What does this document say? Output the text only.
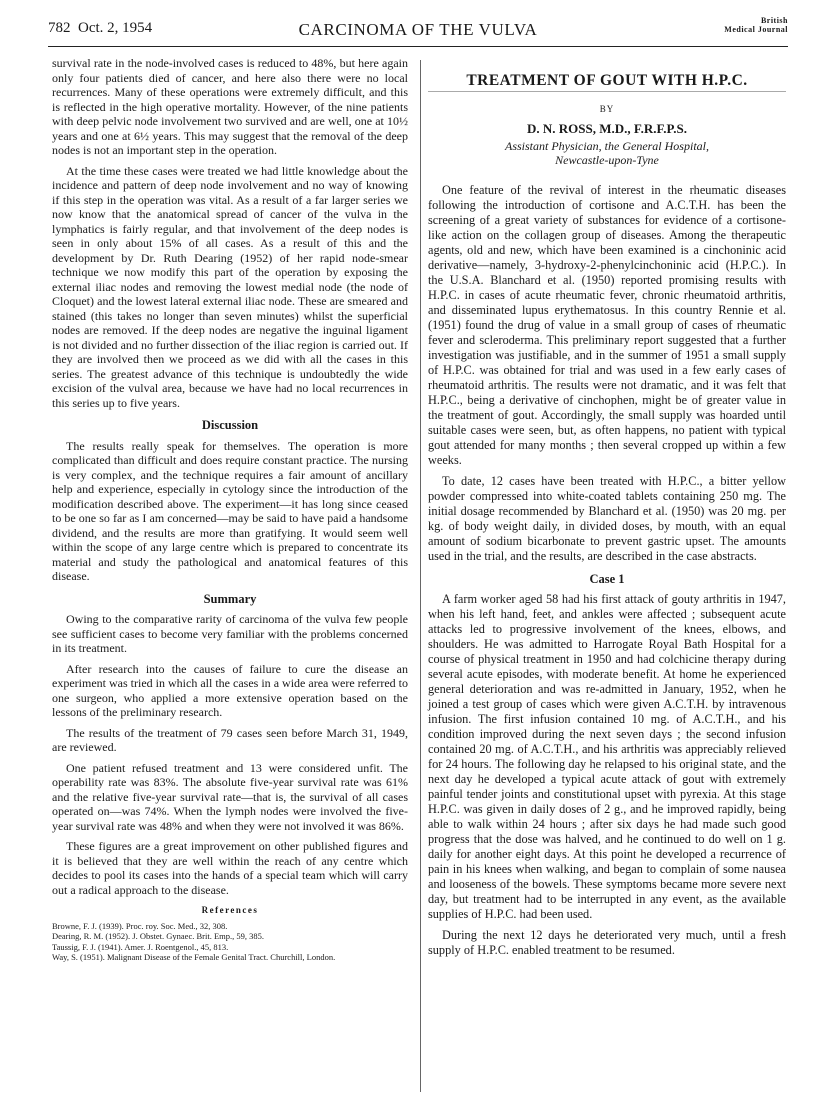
782 Oct. 2, 1954	CARCINOMA OF THE VULVA	British
Medical Journal

survival rate in the node-involved cases is reduced to 48%, but here again only four patients died of cancer, and here also there were no local recurrences. Many of these operations were extremely difficult, and this is reflected in the high operative mortality. However, of the nine patients with deep pelvic node involvement two survived and are well, one at 10½ years and one at 6½ years. This may suggest that the removal of the deep nodes is not an important step in the operation.

At the time these cases were treated we had little knowledge about the incidence and pattern of deep node involvement and no way of knowing if this step in the operation was vital. As a result of a far larger series we now know that the anatomical spread of cancer of the vulva in the lymphatics is fairly regular, and that involvement of the deep nodes is seen in only about 15% of all cases. As a result of this and the development by Dr. Ruth Dearing (1952) of her rapid node-smear technique we now modify this part of the operation by exposing the external iliac nodes and removing the lowest medial node (the node of Cloquet) and the lowest lateral external iliac node. These are smeared and stained (this takes no longer than seven minutes) whilst the superficial nodes are removed. If the deep nodes are negative the inguinal ligament is not divided and no further dissection of the iliac region is carried out. If they are involved then we proceed as we did with all the cases in this series. The greatest advance of this technique is undoubtedly the wide excision of the vulval area, because we have had no local recurrences in this series up to five years.

Discussion

The results really speak for themselves. The operation is more complicated than difficult and does require constant practice. The nursing is very complex, and the technique requires a fair amount of ancillary help and experience, especially in cytology since the introduction of the modification described above. The experiment—it has long since ceased to be one so far as I am concerned—may be said to have paid a handsome dividend, and the results are more than gratifying. It would seem well within the scope of any large centre which is prepared to concentrate its material and study the pathological and anatomical features of this disease.

Summary

Owing to the comparative rarity of carcinoma of the vulva few people see sufficient cases to become very familiar with the problems concerned in its treatment.

After research into the causes of failure to cure the disease an experiment was tried in which all the cases in a wide area were referred to one surgeon, who applied a more extensive operation based on the lessons of the preliminary research.

The results of the treatment of 79 cases seen before March 31, 1949, are reviewed.

One patient refused treatment and 13 were considered unfit. The operability rate was 83%. The absolute five-year survival rate was 61% and the relative five-year survival rate—that is, the survival of all cases operated on—was 74%. When the lymph nodes were involved the five-year survival rate was 48% and when they were not involved it was 86%.

These figures are a great improvement on other published figures and it is believed that they are well within the reach of any centre which decides to pool its cases into the hands of a special team which will carry out a radical approach to the disease.

References
Browne, F. J. (1939). Proc. roy. Soc. Med., 32, 308.
Dearing, R. M. (1952). J. Obstet. Gynaec. Brit. Emp., 59, 385.
Taussig, F. J. (1941). Amer. J. Roentgenol., 45, 813.
Way, S. (1951). Malignant Disease of the Female Genital Tract. Churchill, London.
TREATMENT OF GOUT WITH H.P.C.
BY
D. N. ROSS, M.D., F.R.F.P.S.
Assistant Physician, the General Hospital,
Newcastle-upon-Tyne

One feature of the revival of interest in the rheumatic diseases following the introduction of cortisone and A.C.T.H. has been the screening of a great variety of substances for evidence of a cortisone-like action on the collagen group of diseases. Among the therapeutic agents, old and new, which have been examined is a cinchoninic acid derivative—namely, 3-hydroxy-2-phenylcinchoninic acid (H.P.C.). In the U.S.A. Blanchard et al. (1950) reported promising results with H.P.C. in cases of acute rheumatic fever, chronic rheumatoid arthritis, and disseminated lupus erythematosus. In this country Rennie et al. (1951) found the drug of value in a small group of cases of rheumatic fever and scleroderma. This preliminary report suggested that a further investigation was justifiable, and in the summer of 1951 a small supply of H.P.C. was obtained for trial and was used in a few early cases of rheumatoid arthritis. The results were not dramatic, and it was felt that H.P.C., being a derivative of cinchophen, might be of greater value in the treatment of gout. Accordingly, the small supply was hoarded until suitable cases were seen, but, as often happens, no patient with typical gout attended for many months ; then several cropped up within a few weeks.

To date, 12 cases have been treated with H.P.C., a bitter yellow powder compressed into white-coated tablets containing 250 mg. The initial dosage recommended by Blanchard et al. (1950) was 20 mg. per kg. of body weight daily, in divided doses, by mouth, with an equal amount of sodium bicarbonate to prevent gastric upset. The amounts used in the trial, and the results, are described in the case abstracts.

Case 1

A farm worker aged 58 had his first attack of gouty arthritis in 1947, when his left hand, feet, and ankles were affected ; subsequent acute attacks led to progressive involvement of the knees, elbows, and shoulders. He was admitted to Harrogate Royal Bath Hospital for a course of physical treatment in 1950 and had colchicine therapy during several acute episodes, with moderate benefit. At home he experienced general deterioration and was re-admitted in January, 1952, when he joined a test group of cases which were given A.C.T.H. by intravenous infusion. The first infusion contained 10 mg. of A.C.T.H., and his condition improved during the next seven days ; the second infusion contained 20 mg. of A.C.T.H., and his arthritis was appreciably relieved for 24 hours. The following day he relapsed to his original state, and the next day he developed a typical acute attack of gout with extremely painful tender joints and constitutional upset with pyrexia. At this stage H.P.C. was given in daily doses of 2 g., and he improved rapidly, being able to walk within 24 hours ; after six days he had made such good progress that the dose was halved, and he continued to do well on 1 g. daily for another eight days. At this point he developed a recurrence of pain in his knees when walking, and began to complain of some nausea and looseness of the bowels. These symptoms became more severe next day, but treatment had to be interrupted in any event, as the available supplies of H.P.C. had been used.

During the next 12 days he deteriorated very much, until a fresh supply of H.P.C. enabled treatment to be resumed.
